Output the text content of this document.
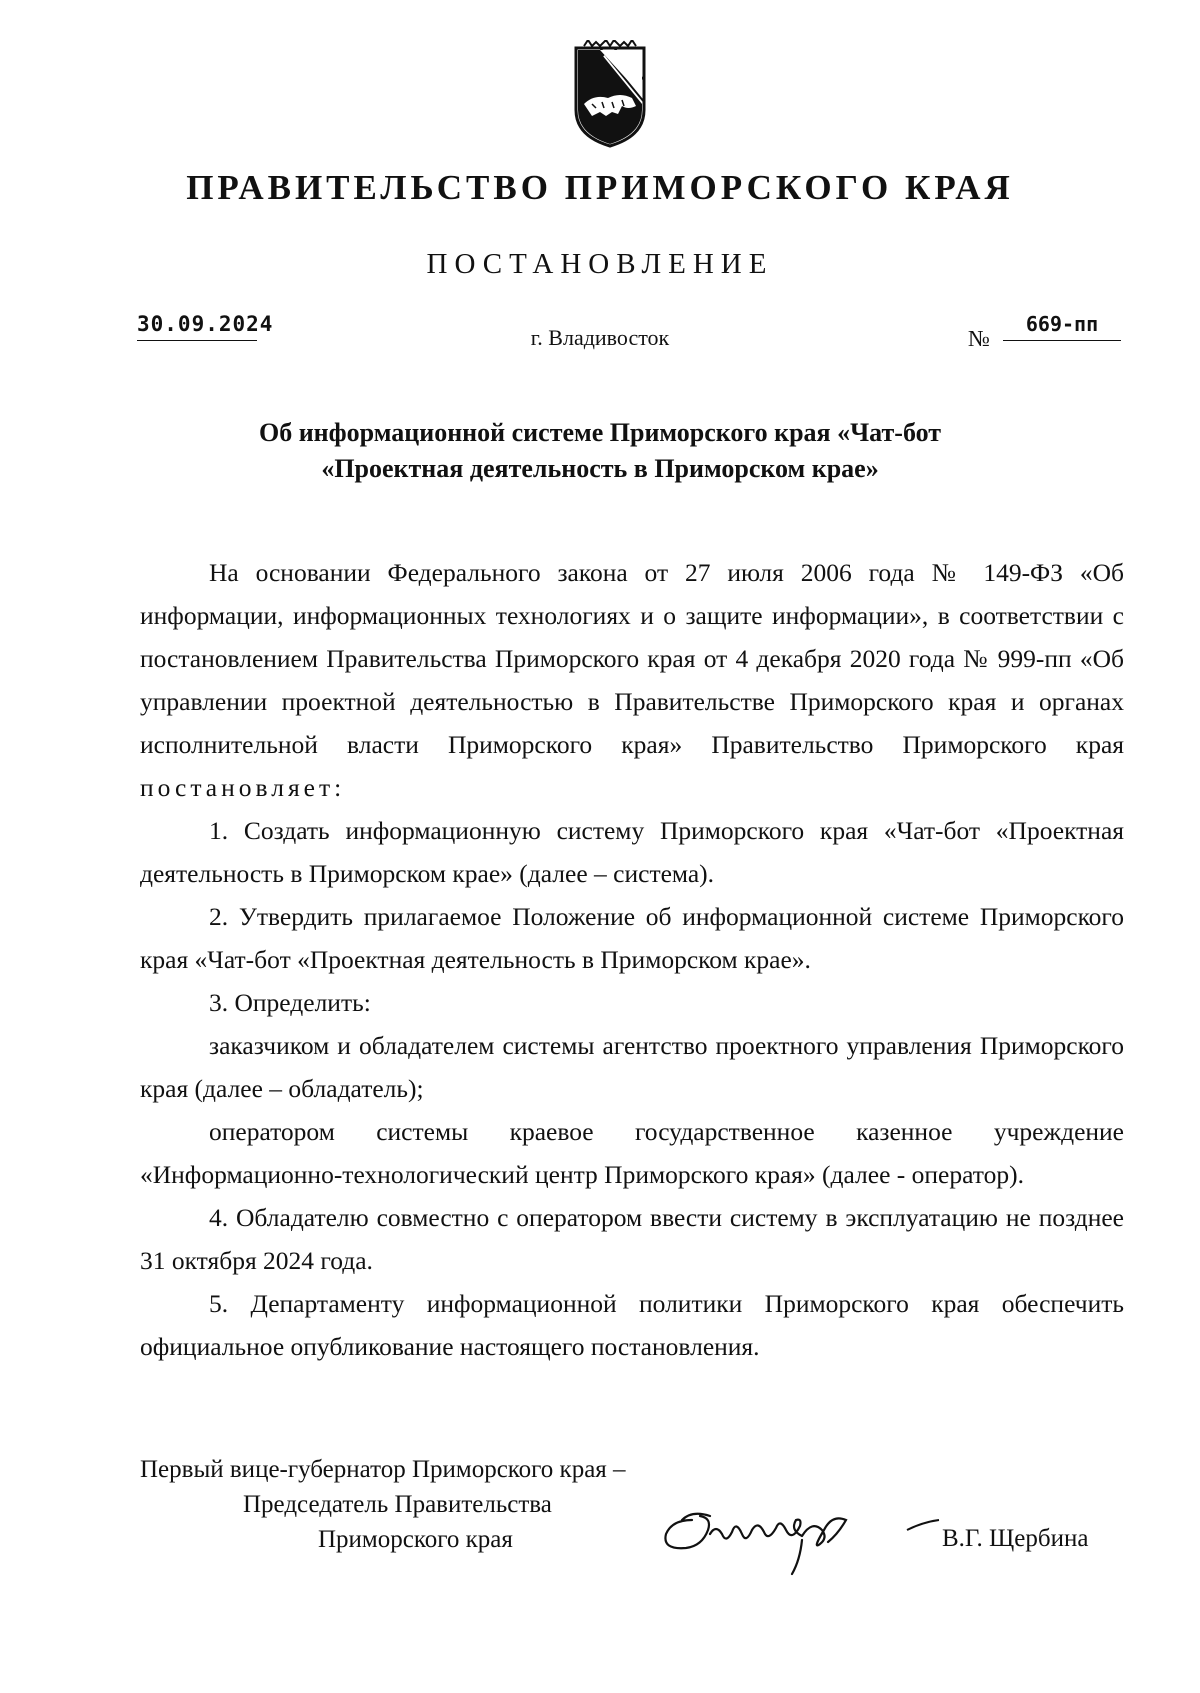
ПРАВИТЕЛЬСТВО ПРИМОРСКОГО КРАЯ
ПОСТАНОВЛЕНИЕ
30.09.2024
г. Владивосток	№
669-пп
Об информационной системе Приморского края «Чат-бот
«Проектная деятельность в Приморском крае»

На основании Федерального закона от 27 июля 2006 года № 149-ФЗ «Об информации, информационных технологиях и о защите информации», в соответствии с постановлением Правительства Приморского края от 4 декабря 2020 года № 999-пп «Об управлении проектной деятельностью в Правительстве Приморского края и органах исполнительной власти Приморского края» Правительство Приморского края постановляет:

1. Создать информационную систему Приморского края «Чат-бот «Проектная деятельность в Приморском крае» (далее – система).

2. Утвердить прилагаемое Положение об информационной системе Приморского края «Чат-бот «Проектная деятельность в Приморском крае».

3. Определить:

заказчиком и обладателем системы агентство проектного управления Приморского края (далее – обладатель);

оператором системы краевое государственное казенное учреждение «Информационно-технологический центр Приморского края» (далее - оператор).

4. Обладателю совместно с оператором ввести систему в эксплуатацию не позднее 31 октября 2024 года.

5. Департаменту информационной политики Приморского края обеспечить официальное опубликование настоящего постановления.

Первый вице-губернатор Приморского края –
Председатель Правительства
Приморского края	В.Г. Щербина
